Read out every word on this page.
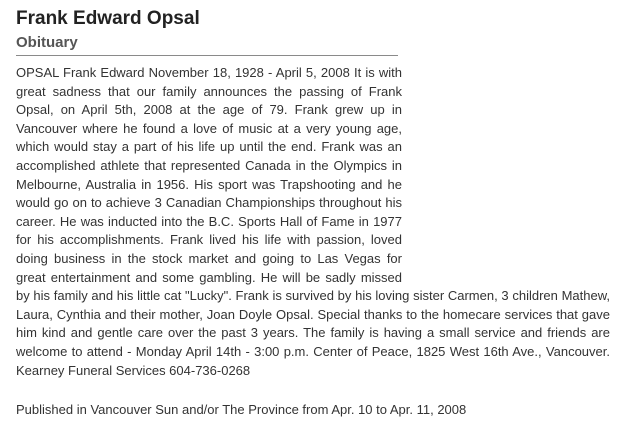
Frank Edward Opsal
Obituary

OPSAL Frank Edward November 18, 1928 - April 5, 2008 It is with great sadness that our family announces the passing of Frank Opsal, on April 5th, 2008 at the age of 79. Frank grew up in Vancouver where he found a love of music at a very young age, which would stay a part of his life up until the end. Frank was an accomplished athlete that represented Canada in the Olympics in Melbourne, Australia in 1956. His sport was Trapshooting and he would go on to achieve 3 Canadian Championships throughout his career. He was inducted into the B.C. Sports Hall of Fame in 1977 for his accomplishments. Frank lived his life with passion, loved doing business in the stock market and going to Las Vegas for great entertainment and some gambling. He will be sadly missed by his family and his little cat "Lucky". Frank is survived by his loving sister Carmen, 3 children Mathew, Laura, Cynthia and their mother, Joan Doyle Opsal. Special thanks to the homecare services that gave him kind and gentle care over the past 3 years. The family is having a small service and friends are welcome to attend - Monday April 14th - 3:00 p.m. Center of Peace, 1825 West 16th Ave., Vancouver. Kearney Funeral Services 604-736-0268

Published in Vancouver Sun and/or The Province from Apr. 10 to Apr. 11, 2008
